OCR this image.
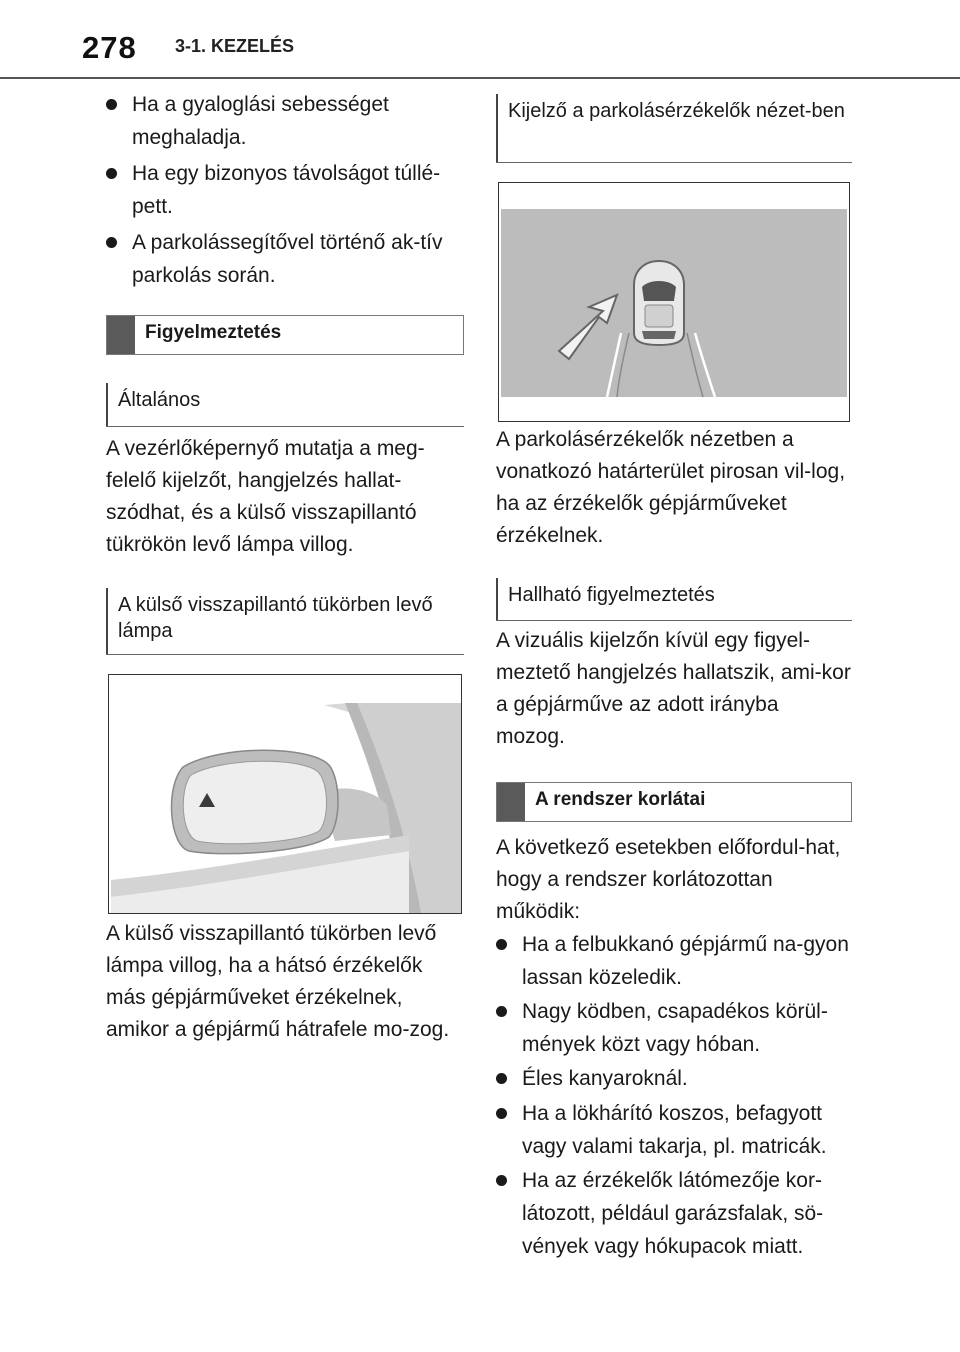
278 3-1. KEZELÉS
Ha a gyaloglási sebességet meghaladja.
Ha egy bizonyos távolságot túllé-pett.
A parkolássegítővel történő ak-tív parkolás során.
Figyelmeztetés
Általános
A vezérlőképernyő mutatja a meg-felelő kijelzőt, hangjelzés hallat-szódhat, és a külső visszapillantó tükrökön levő lámpa villog.
A külső visszapillantó tükörben levő lámpa
A külső visszapillantó tükörben levő lámpa villog, ha a hátsó érzékelők más gépjárműveket érzékelnek, amikor a gépjármű hátrafele mo-zog.
Kijelző a parkolásérzékelők nézet-ben
A parkolásérzékelők nézetben a vonatkozó határterület pirosan vil-log, ha az érzékelők gépjárműveket érzékelnek.
Hallható figyelmeztetés
A vizuális kijelzőn kívül egy figyel-meztető hangjelzés hallatszik, ami-kor a gépjárműve az adott irányba mozog.
A rendszer korlátai
A következő esetekben előfordul-hat, hogy a rendszer korlátozottan működik:
Ha a felbukkanó gépjármű na-gyon lassan közeledik.
Nagy ködben, csapadékos körül-mények közt vagy hóban.
Éles kanyaroknál.
Ha a lökhárító koszos, befagyott vagy valami takarja, pl. matricák.
Ha az érzékelők látómezője kor-látozott, például garázsfalak, sö-vények vagy hókupacok miatt.
